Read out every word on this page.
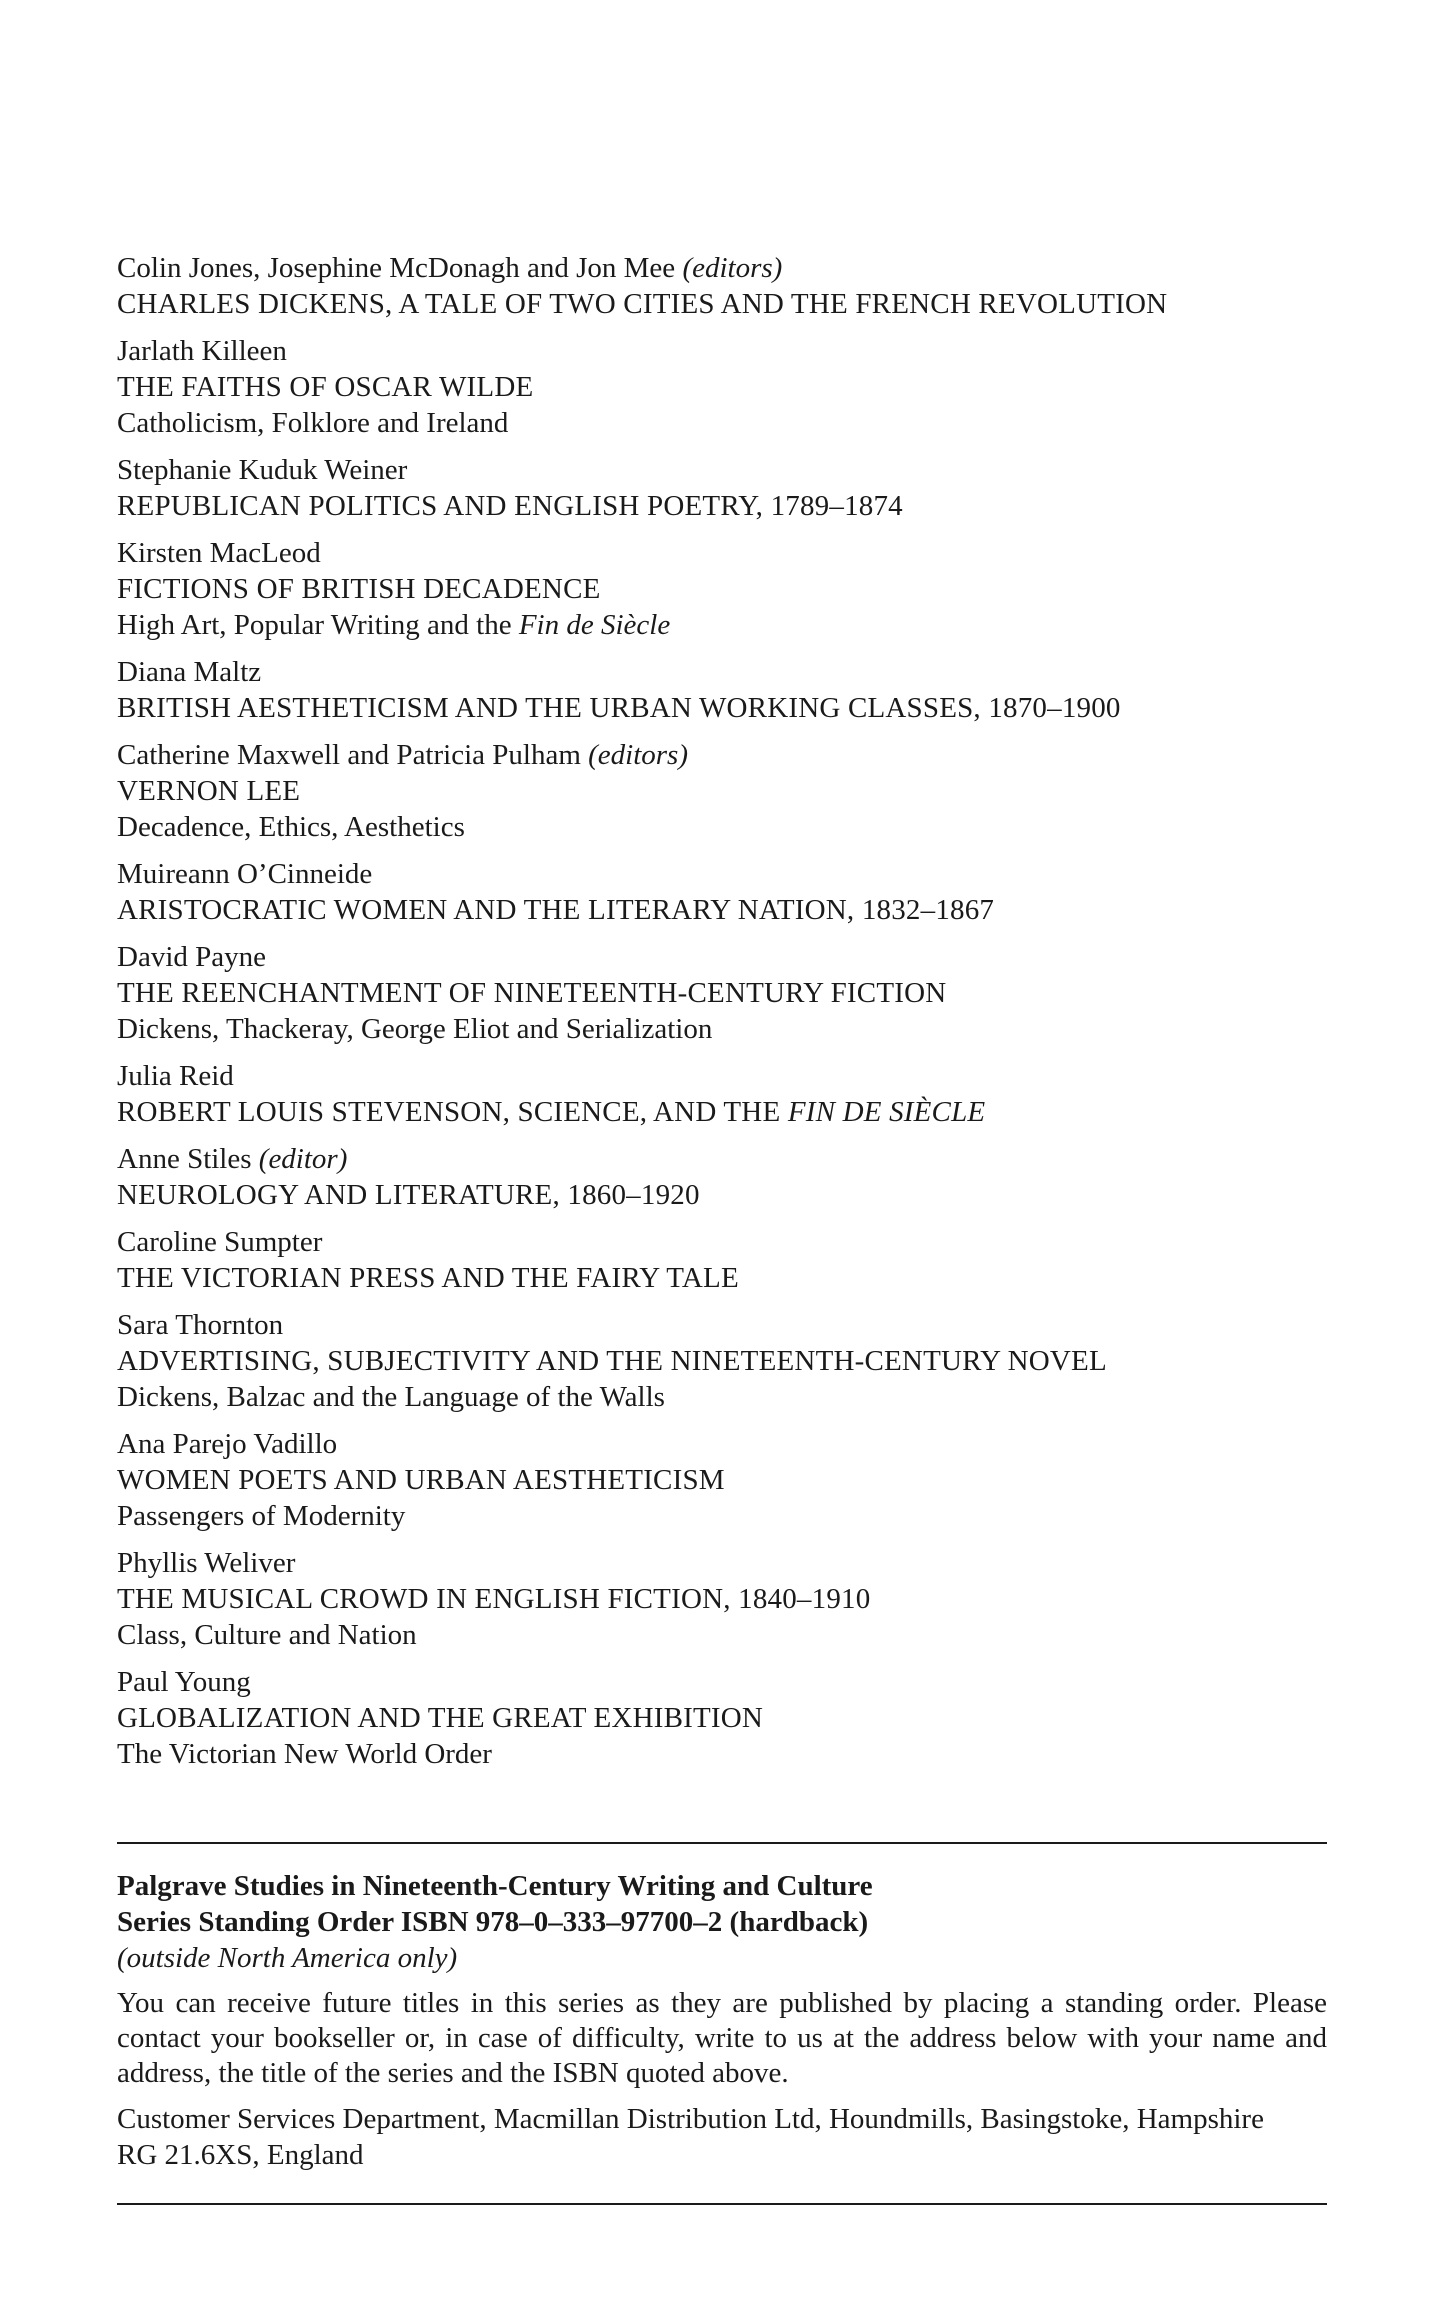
Colin Jones, Josephine McDonagh and Jon Mee (editors)
CHARLES DICKENS, A TALE OF TWO CITIES AND THE FRENCH REVOLUTION
Jarlath Killeen
THE FAITHS OF OSCAR WILDE
Catholicism, Folklore and Ireland
Stephanie Kuduk Weiner
REPUBLICAN POLITICS AND ENGLISH POETRY, 1789–1874
Kirsten MacLeod
FICTIONS OF BRITISH DECADENCE
High Art, Popular Writing and the Fin de Siècle
Diana Maltz
BRITISH AESTHETICISM AND THE URBAN WORKING CLASSES, 1870–1900
Catherine Maxwell and Patricia Pulham (editors)
VERNON LEE
Decadence, Ethics, Aesthetics
Muireann O’Cinneide
ARISTOCRATIC WOMEN AND THE LITERARY NATION, 1832–1867
David Payne
THE REENCHANTMENT OF NINETEENTH-CENTURY FICTION
Dickens, Thackeray, George Eliot and Serialization
Julia Reid
ROBERT LOUIS STEVENSON, SCIENCE, AND THE FIN DE SIÈCLE
Anne Stiles (editor)
NEUROLOGY AND LITERATURE, 1860–1920
Caroline Sumpter
THE VICTORIAN PRESS AND THE FAIRY TALE
Sara Thornton
ADVERTISING, SUBJECTIVITY AND THE NINETEENTH-CENTURY NOVEL
Dickens, Balzac and the Language of the Walls
Ana Parejo Vadillo
WOMEN POETS AND URBAN AESTHETICISM
Passengers of Modernity
Phyllis Weliver
THE MUSICAL CROWD IN ENGLISH FICTION, 1840–1910
Class, Culture and Nation
Paul Young
GLOBALIZATION AND THE GREAT EXHIBITION
The Victorian New World Order
Palgrave Studies in Nineteenth-Century Writing and Culture
Series Standing Order ISBN 978–0–333–97700–2 (hardback)
(outside North America only)
You can receive future titles in this series as they are published by placing a standing order. Please contact your bookseller or, in case of difficulty, write to us at the address below with your name and address, the title of the series and the ISBN quoted above.
Customer Services Department, Macmillan Distribution Ltd, Houndmills, Basingstoke, Hampshire
RG 21.6XS, England
